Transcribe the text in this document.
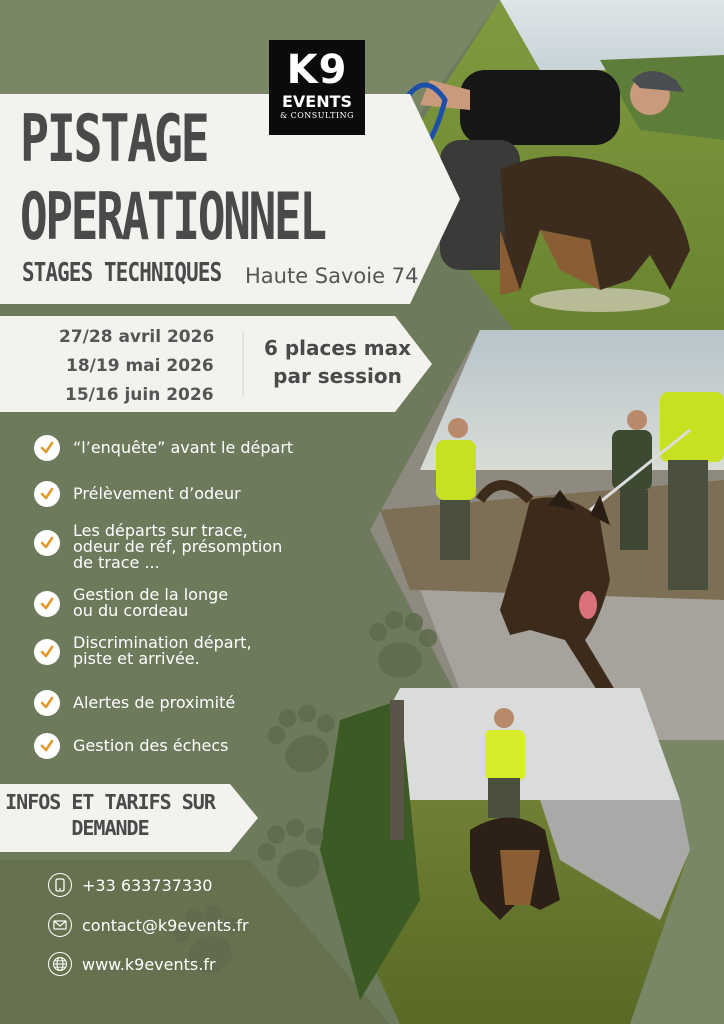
K9
EVENTS
& CONSULTING
PISTAGE
OPERATIONNEL
STAGES TECHNIQUES Haute Savoie 74
27/28 avril 2026
18/19 mai 2026
15/16 juin 2026
6 places max
par session
“l’enquête” avant le départ
Prélèvement d’odeur
Les départs sur trace,
odeur de réf, présomption
de trace ...
Gestion de la longe
ou du cordeau
Discrimination départ,
piste et arrivée.
Alertes de proximité
Gestion des échecs
INFOS ET TARIFS SUR
DEMANDE
+33 633737330
contact@k9events.fr
www.k9events.fr
